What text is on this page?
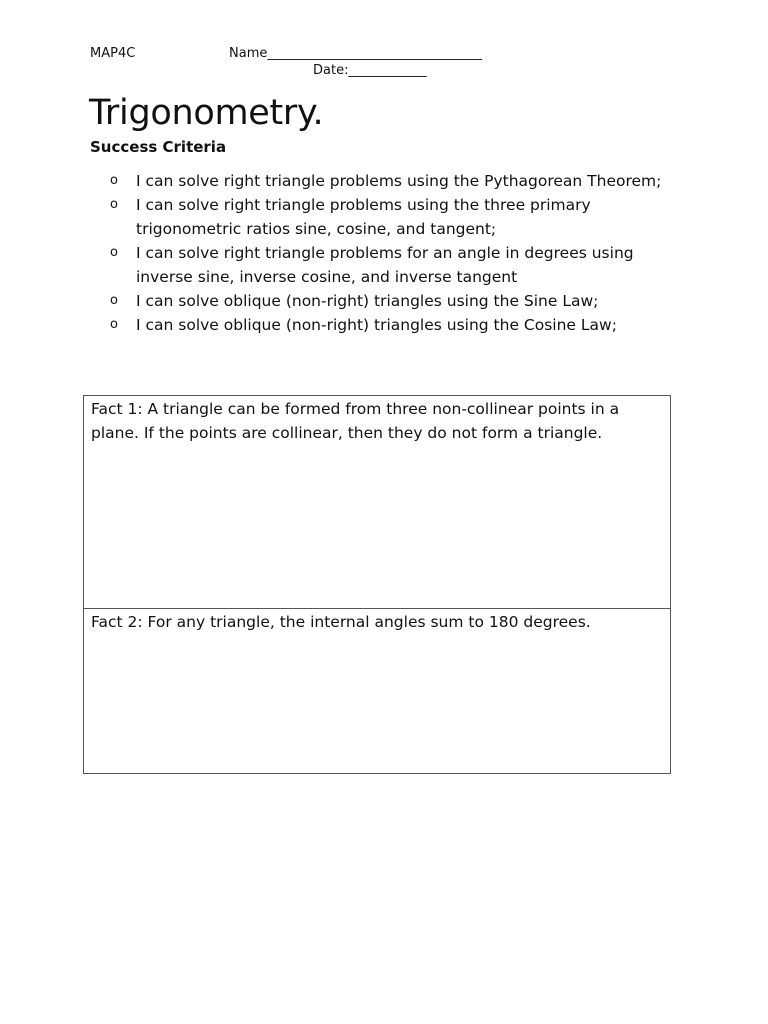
MAP4C	Name_________________________________
Date:____________
Trigonometry.
Success Criteria
o I can solve right triangle problems using the Pythagorean Theorem;
o I can solve right triangle problems using the three primary trigonometric ratios sine, cosine, and tangent;
o I can solve right triangle problems for an angle in degrees using inverse sine, inverse cosine, and inverse tangent
o I can solve oblique (non-right) triangles using the Sine Law;
o I can solve oblique (non-right) triangles using the Cosine Law;
Fact 1: A triangle can be formed from three non-collinear points in a plane. If the points are collinear, then they do not form a triangle.
Fact 2: For any triangle, the internal angles sum to 180 degrees.
